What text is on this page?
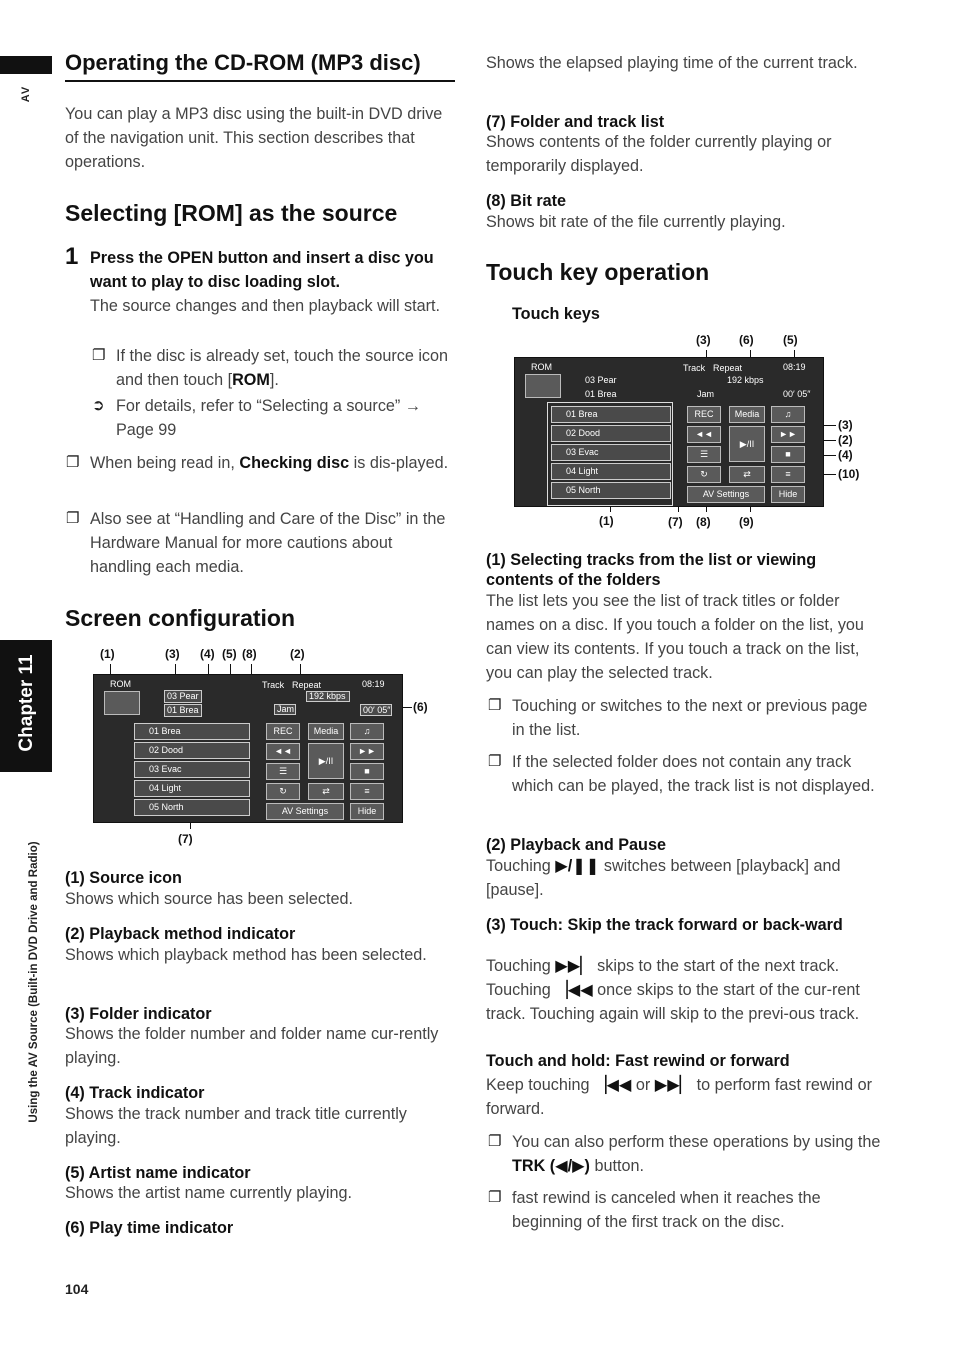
AV
Chapter 11
Using the AV Source (Built-in DVD Drive and Radio)
104
Operating the CD-ROM (MP3 disc)

You can play a MP3 disc using the built-in DVD drive of the navigation unit. This section describes that operations.

Selecting [ROM] as the source
1 Press the OPEN button and insert a disc you want to play to disc loading slot.

The source changes and then playback will start.

❐ If the disc is already set, touch the source icon and then touch [ROM].
➲ For details, refer to “Selecting a source” → Page 99
❐ When being read in, Checking disc is dis-played.
❐ Also see at “Handling and Care of the Disc” in the Hardware Manual for more cautions about handling each media.
Screen configuration
(1)	(3) (4) (5) (8)	(2)
(6)
(7)
ROM
03 Pear
01 Brea
Track Repeat	08:19
192 kbps
Jam	00′ 05″
01 Brea
02 Dood
03 Evac
04 Light
05 North
REC	Media	♫
◄◄
▶/II
►►
☰	■
↻	⇄	≡
AV Settings	Hide
(1) Source icon

Shows which source has been selected.

(2) Playback method indicator

Shows which playback method has been selected.

(3) Folder indicator

Shows the folder number and folder name cur-rently playing.

(4) Track indicator

Shows the track number and track title currently playing.

(5) Artist name indicator

Shows the artist name currently playing.

(6) Play time indicator

Shows the elapsed playing time of the current track.

(7) Folder and track list

Shows contents of the folder currently playing or temporarily displayed.

(8) Bit rate

Shows bit rate of the file currently playing.

Touch key operation
Touch keys
(3) (6) (5)
(3)
(2)
(4)
(10)
(1)	(7) (8) (9)
ROM
03 Pear
01 Brea
Track Repeat	08:19
192 kbps
Jam	00′ 05″
01 Brea
02 Dood
03 Evac
04 Light
05 North
REC	Media	♫
◄◄
▶/II
►►
☰	■
↻	⇄	≡
AV Settings	Hide
(1) Selecting tracks from the list or viewing contents of the folders

The list lets you see the list of track titles or folder names on a disc. If you touch a folder on the list, you can view its contents. If you touch a track on the list, you can play the selected track.

❐ Touching or switches to the next or previous page in the list.
❐ If the selected folder does not contain any track which can be played, the track list is not displayed.
(2) Playback and Pause

Touching ▶/❚❚ switches between [playback] and [pause].

(3) Touch: Skip the track forward or back-ward

Touching ▶▶▏ skips to the start of the next track. Touching ▕◀◀ once skips to the start of the cur-rent track. Touching again will skip to the previ-ous track.

Touch and hold: Fast rewind or forward

Keep touching ▕◀◀ or ▶▶▏ to perform fast rewind or forward.

❐ You can also perform these operations by using the TRK (◀/▶) button.
❐ fast rewind is canceled when it reaches the beginning of the first track on the disc.
